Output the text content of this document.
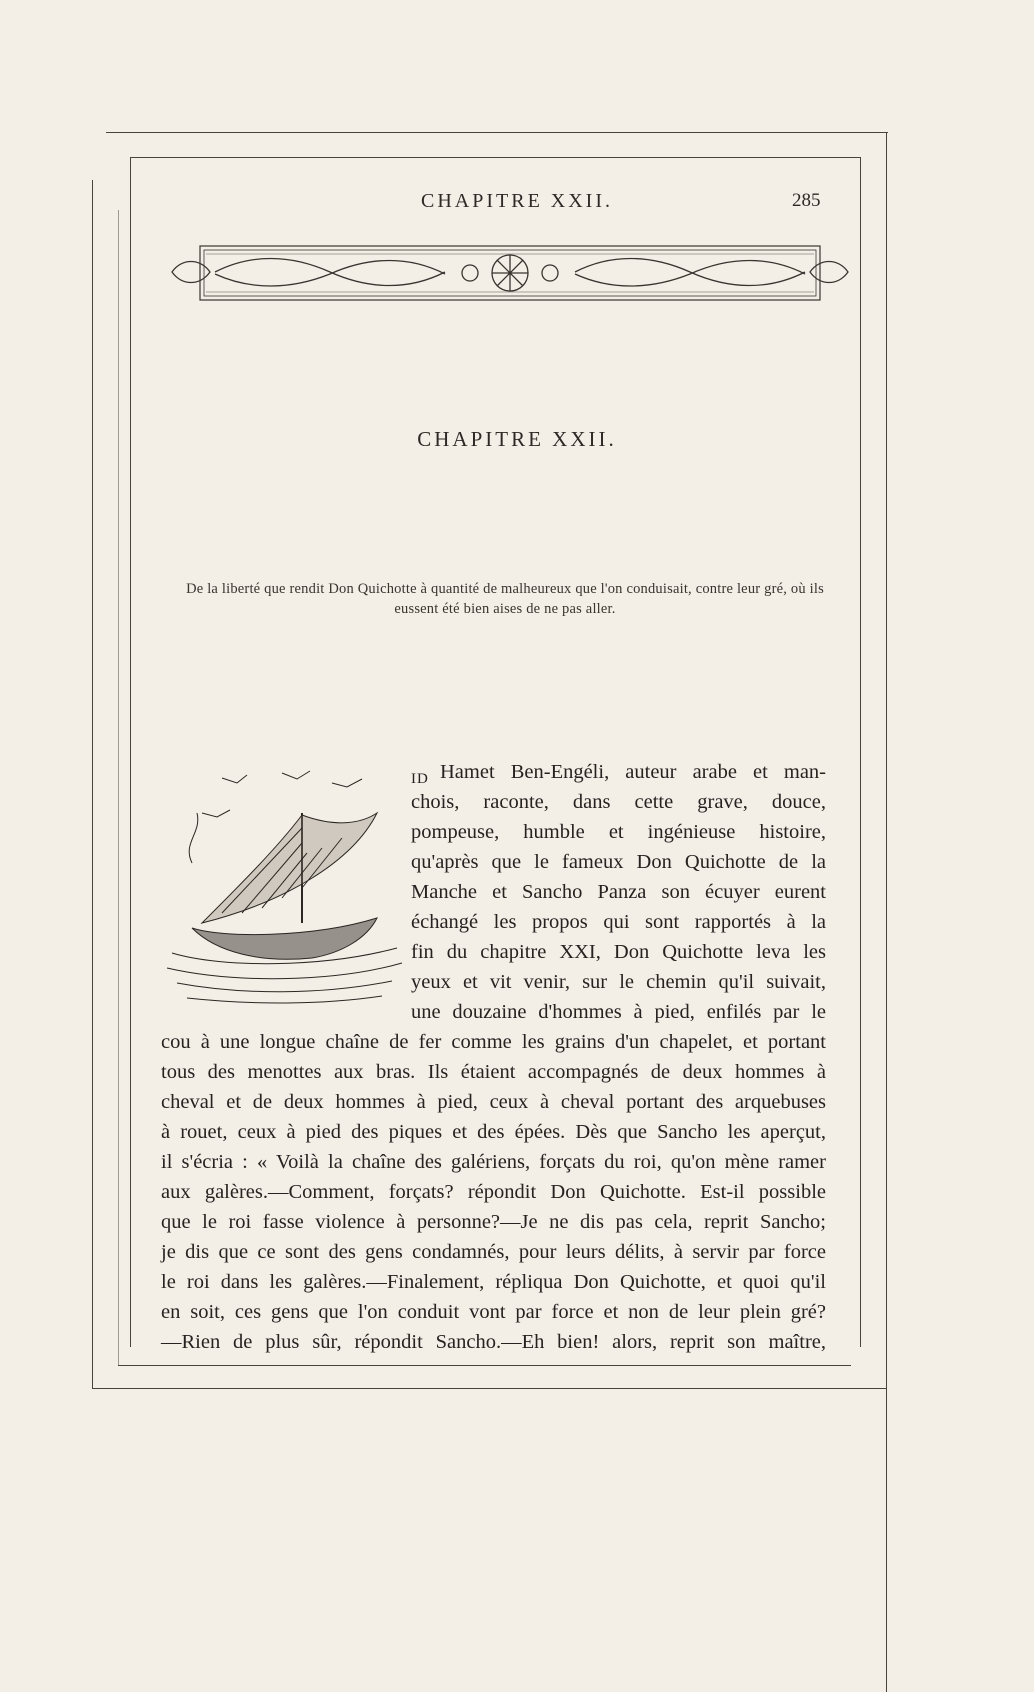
CHAPITRE XXII.	285
CHAPITRE XXII.
De la liberté que rendit Don Quichotte à quantité de malheureux que l'on conduisait, contre leur gré, où ils eussent été bien aises de ne pas aller.
ID Hamet Ben-Engéli, auteur arabe et man-
chois, raconte, dans cette grave, douce,
pompeuse, humble et ingénieuse histoire,
qu'après que le fameux Don Quichotte de la
Manche et Sancho Panza son écuyer eurent
échangé les propos qui sont rapportés à la
fin du chapitre XXI, Don Quichotte leva les
yeux et vit venir, sur le chemin qu'il suivait,
une douzaine d'hommes à pied, enfilés par le
cou à une longue chaîne de fer comme les grains d'un chapelet, et portant
tous des menottes aux bras. Ils étaient accompagnés de deux hommes à
cheval et de deux hommes à pied, ceux à cheval portant des arquebuses
à rouet, ceux à pied des piques et des épées. Dès que Sancho les aperçut,
il s'écria : « Voilà la chaîne des galériens, forçats du roi, qu'on mène ramer
aux galères.—Comment, forçats? répondit Don Quichotte. Est-il possible
que le roi fasse violence à personne?—Je ne dis pas cela, reprit Sancho;
je dis que ce sont des gens condamnés, pour leurs délits, à servir par force
le roi dans les galères.—Finalement, répliqua Don Quichotte, et quoi qu'il
en soit, ces gens que l'on conduit vont par force et non de leur plein gré?
—Rien de plus sûr, répondit Sancho.—Eh bien! alors, reprit son maître,
